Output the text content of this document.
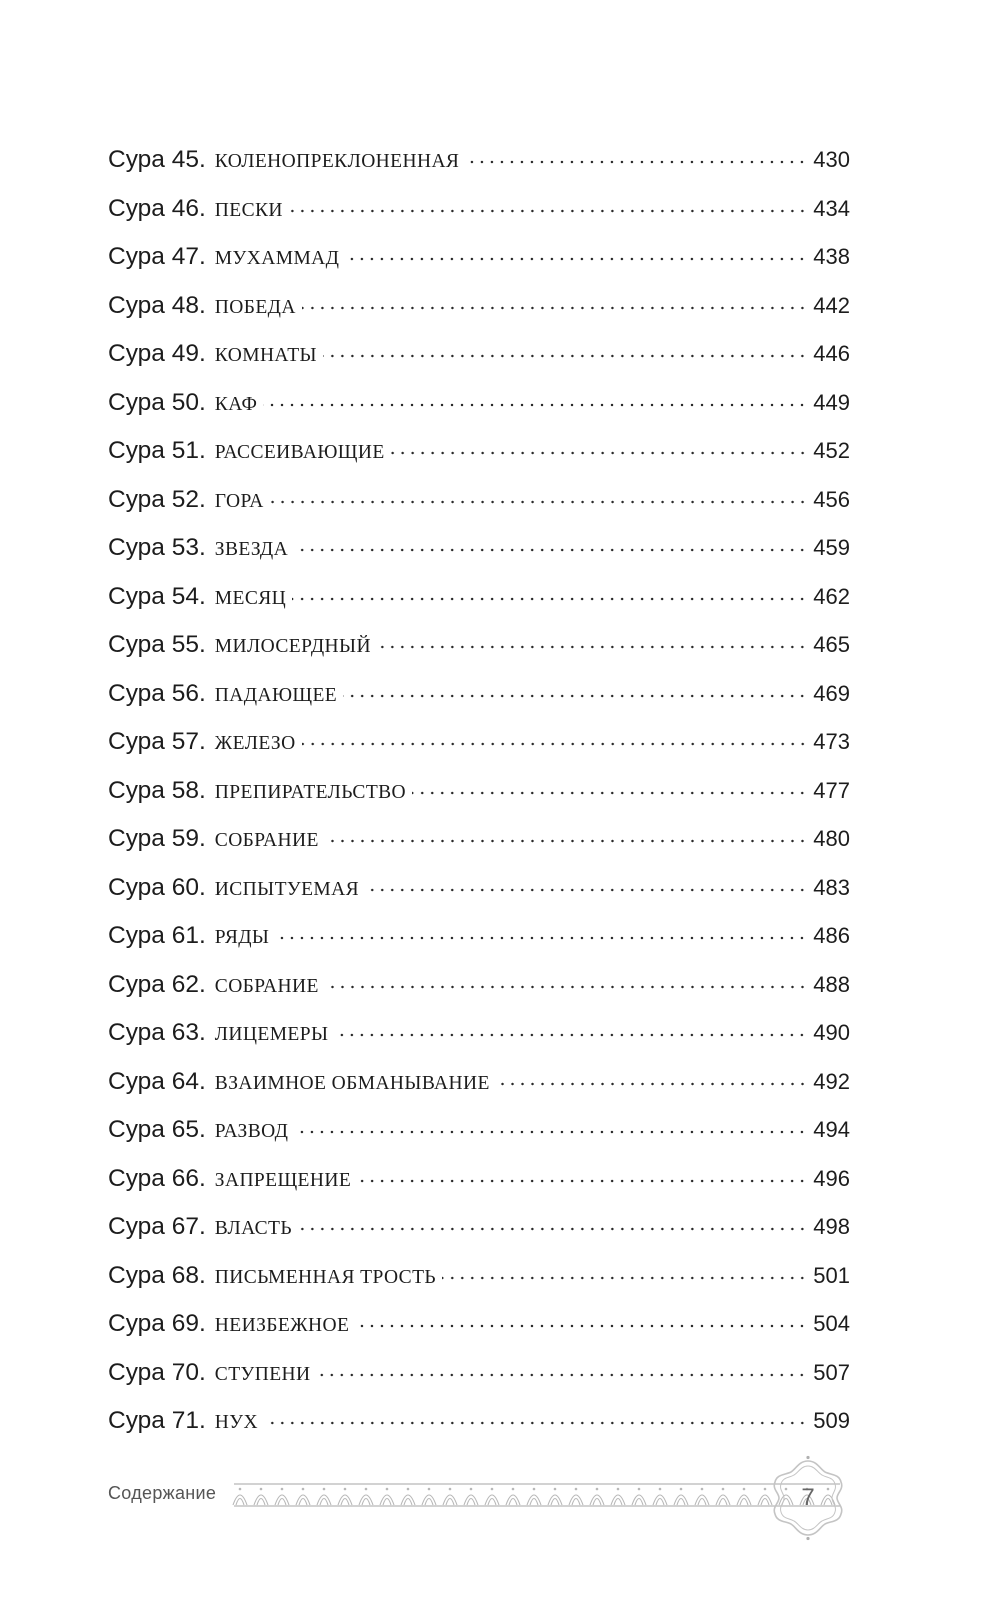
Сура 45. КОЛЕНОПРЕКЛОНЕННАЯ	430
Сура 46. ПЕСКИ	434
Сура 47. МУХАММАД	438
Сура 48. ПОБЕДА	442
Сура 49. КОМНАТЫ	446
Сура 50. КАФ	449
Сура 51. РАССЕИВАЮЩИЕ	452
Сура 52. ГОРА	456
Сура 53. ЗВЕЗДА	459
Сура 54. МЕСЯЦ	462
Сура 55. МИЛОСЕРДНЫЙ	465
Сура 56. ПАДАЮЩЕЕ	469
Сура 57. ЖЕЛЕЗО	473
Сура 58. ПРЕПИРАТЕЛЬСТВО	477
Сура 59. СОБРАНИЕ	480
Сура 60. ИСПЫТУЕМАЯ	483
Сура 61. РЯДЫ	486
Сура 62. СОБРАНИЕ	488
Сура 63. ЛИЦЕМЕРЫ	490
Сура 64. ВЗАИМНОЕ ОБМАНЫВАНИЕ	492
Сура 65. РАЗВОД	494
Сура 66. ЗАПРЕЩЕНИЕ	496
Сура 67. ВЛАСТЬ	498
Сура 68. ПИСЬМЕННАЯ ТРОСТЬ	501
Сура 69. НЕИЗБЕЖНОЕ	504
Сура 70. СТУПЕНИ	507
Сура 71. НУХ	509
Содержание	7
